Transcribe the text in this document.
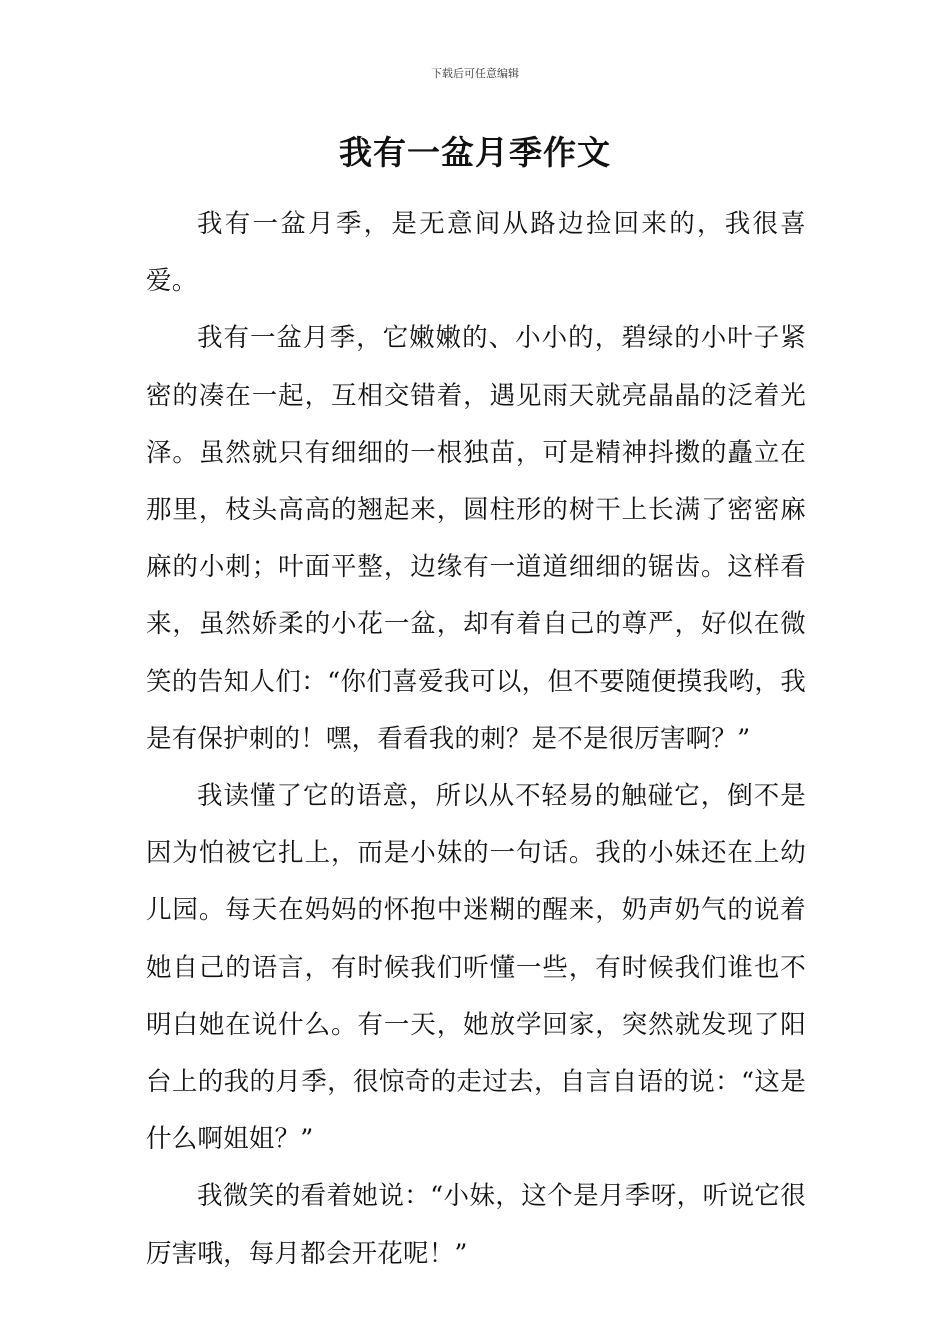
下载后可任意编辑
我有一盆月季作文

我有一盆月季，是无意间从路边捡回来的，我很喜爱。

我有一盆月季，它嫩嫩的、小小的，碧绿的小叶子紧密的凑在一起，互相交错着，遇见雨天就亮晶晶的泛着光泽。虽然就只有细细的一根独苗，可是精神抖擞的矗立在那里，枝头高高的翘起来，圆柱形的树干上长满了密密麻麻的小刺；叶面平整，边缘有一道道细细的锯齿。这样看来，虽然娇柔的小花一盆，却有着自己的尊严，好似在微笑的告知人们：“你们喜爱我可以，但不要随便摸我哟，我是有保护刺的！嘿，看看我的刺？是不是很厉害啊？”

我读懂了它的语意，所以从不轻易的触碰它，倒不是因为怕被它扎上，而是小妹的一句话。我的小妹还在上幼儿园。每天在妈妈的怀抱中迷糊的醒来，奶声奶气的说着她自己的语言，有时候我们听懂一些，有时候我们谁也不明白她在说什么。有一天，她放学回家，突然就发现了阳台上的我的月季，很惊奇的走过去，自言自语的说：“这是什么啊姐姐？”

我微笑的看着她说：“小妹，这个是月季呀，听说它很厉害哦，每月都会开花呢！”
